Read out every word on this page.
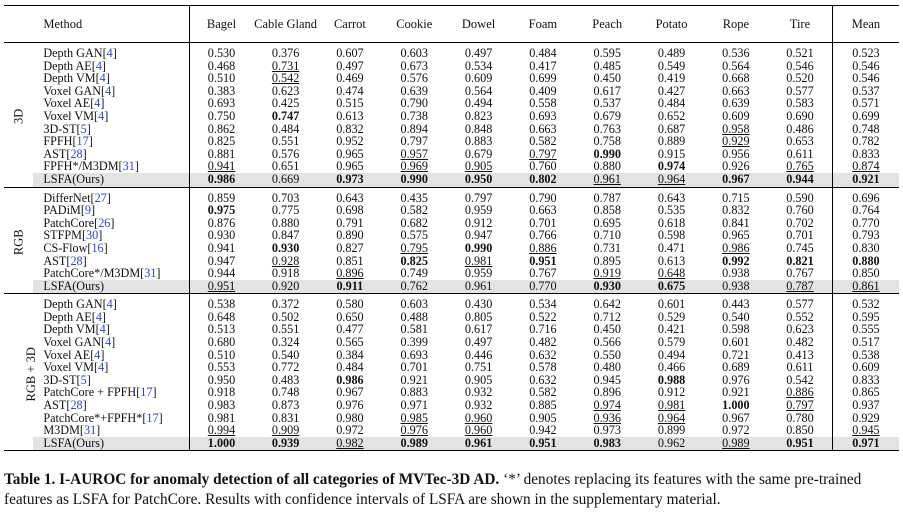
	Method	Bagel	Cable Gland	Carrot	Cookie	Dowel	Foam	Peach	Potato	Rope	Tire	Mean
3D	Depth GAN[4]	0.530	0.376	0.607	0.603	0.497	0.484	0.595	0.489	0.536	0.521	0.523
	Depth AE[4]	0.468	0.731	0.497	0.673	0.534	0.417	0.485	0.549	0.564	0.546	0.546
	Depth VM[4]	0.510	0.542	0.469	0.576	0.609	0.699	0.450	0.419	0.668	0.520	0.546
	Voxel GAN[4]	0.383	0.623	0.474	0.639	0.564	0.409	0.617	0.427	0.663	0.577	0.537
	Voxel AE[4]	0.693	0.425	0.515	0.790	0.494	0.558	0.537	0.484	0.639	0.583	0.571
	Voxel VM[4]	0.750	0.747	0.613	0.738	0.823	0.693	0.679	0.652	0.609	0.690	0.699
	3D-ST[5]	0.862	0.484	0.832	0.894	0.848	0.663	0.763	0.687	0.958	0.486	0.748
	FPFH[17]	0.825	0.551	0.952	0.797	0.883	0.582	0.758	0.889	0.929	0.653	0.782
	AST[28]	0.881	0.576	0.965	0.957	0.679	0.797	0.990	0.915	0.956	0.611	0.833
	FPFH*/M3DM[31]	0.941	0.651	0.965	0.969	0.905	0.760	0.880	0.974	0.926	0.765	0.874
	LSFA(Ours)	0.986	0.669	0.973	0.990	0.950	0.802	0.961	0.964	0.967	0.944	0.921
RGB	DifferNet[27]	0.859	0.703	0.643	0.435	0.797	0.790	0.787	0.643	0.715	0.590	0.696
	PADiM[9]	0.975	0.775	0.698	0.582	0.959	0.663	0.858	0.535	0.832	0.760	0.764
	PatchCore[26]	0.876	0.880	0.791	0.682	0.912	0.701	0.695	0.618	0.841	0.702	0.770
	STFPM[30]	0.930	0.847	0.890	0.575	0.947	0.766	0.710	0.598	0.965	0.701	0.793
	CS-Flow[16]	0.941	0.930	0.827	0.795	0.990	0.886	0.731	0.471	0.986	0.745	0.830
	AST[28]	0.947	0.928	0.851	0.825	0.981	0.951	0.895	0.613	0.992	0.821	0.880
	PatchCore*/M3DM[31]	0.944	0.918	0.896	0.749	0.959	0.767	0.919	0.648	0.938	0.767	0.850
	LSFA(Ours)	0.951	0.920	0.911	0.762	0.961	0.770	0.930	0.675	0.938	0.787	0.861
RGB + 3D	Depth GAN[4]	0.538	0.372	0.580	0.603	0.430	0.534	0.642	0.601	0.443	0.577	0.532
	Depth AE[4]	0.648	0.502	0.650	0.488	0.805	0.522	0.712	0.529	0.540	0.552	0.595
	Depth VM[4]	0.513	0.551	0.477	0.581	0.617	0.716	0.450	0.421	0.598	0.623	0.555
	Voxel GAN[4]	0.680	0.324	0.565	0.399	0.497	0.482	0.566	0.579	0.601	0.482	0.517
	Voxel AE[4]	0.510	0.540	0.384	0.693	0.446	0.632	0.550	0.494	0.721	0.413	0.538
	Voxel VM[4]	0.553	0.772	0.484	0.701	0.751	0.578	0.480	0.466	0.689	0.611	0.609
	3D-ST[5]	0.950	0.483	0.986	0.921	0.905	0.632	0.945	0.988	0.976	0.542	0.833
	PatchCore + FPFH[17]	0.918	0.748	0.967	0.883	0.932	0.582	0.896	0.912	0.921	0.886	0.865
	AST[28]	0.983	0.873	0.976	0.971	0.932	0.885	0.974	0.981	1.000	0.797	0.937
	PatchCore*+FPFH*[17]	0.981	0.831	0.980	0.985	0.960	0.905	0.936	0.964	0.967	0.780	0.929
	M3DM[31]	0.994	0.909	0.972	0.976	0.960	0.942	0.973	0.899	0.972	0.850	0.945
	LSFA(Ours)	1.000	0.939	0.982	0.989	0.961	0.951	0.983	0.962	0.989	0.951	0.971
Table 1. I-AUROC for anomaly detection of all categories of MVTec-3D AD. ‘*’ denotes replacing its features with the same pre-trained features as LSFA for PatchCore. Results with confidence intervals of LSFA are shown in the supplementary material.
